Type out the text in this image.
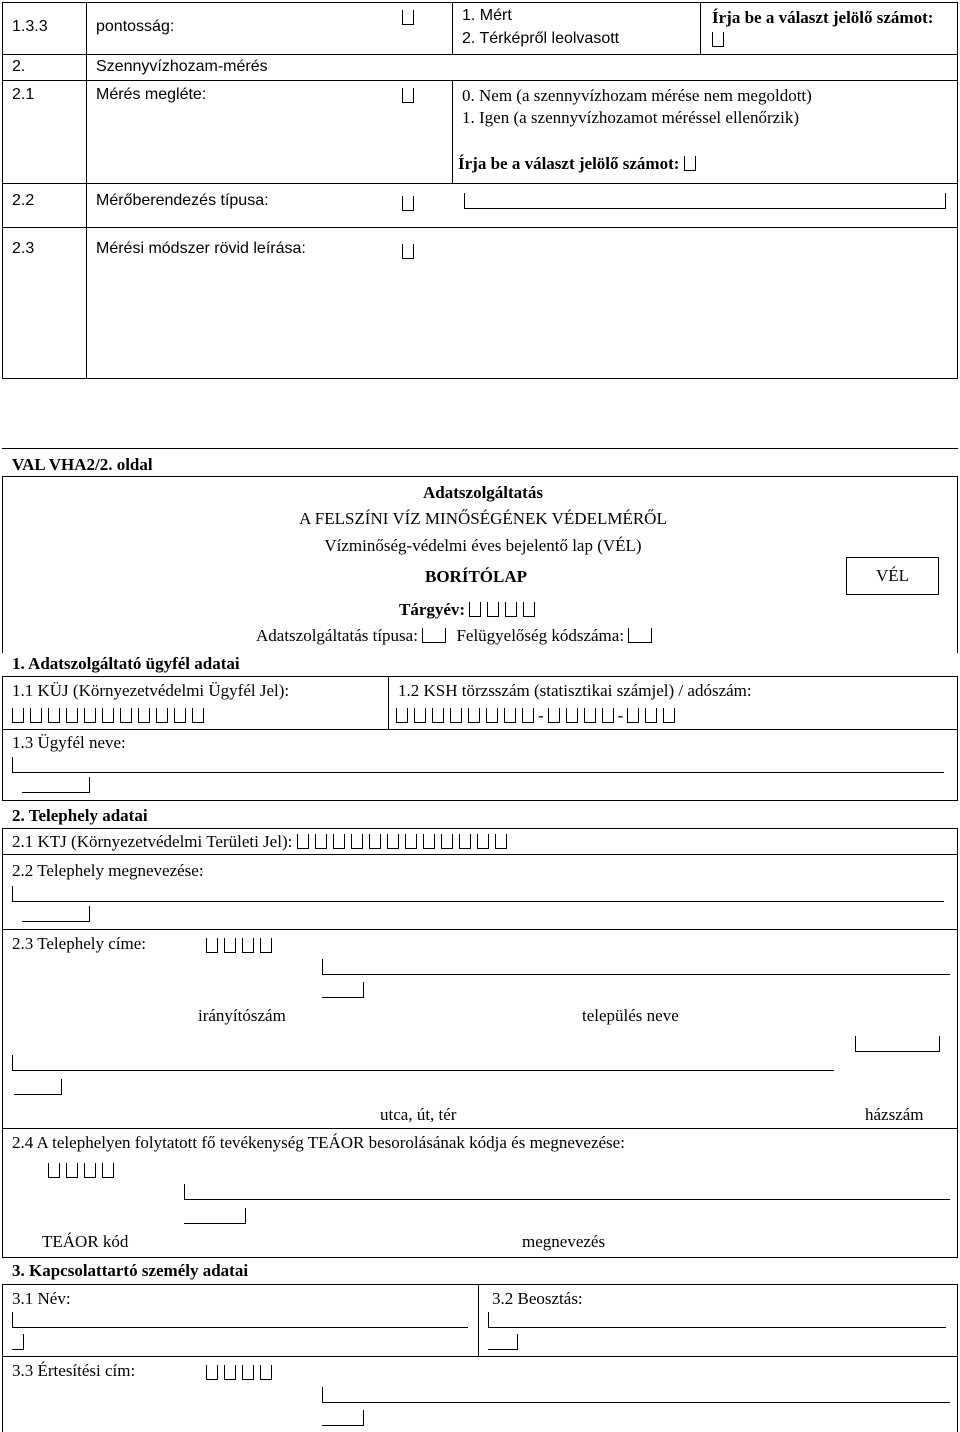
1.3.3	pontosság:
1. Mért
2. Térképről leolvasott
Írja be a választ jelölő számot:
2.	Szennyvízhozam-mérés
2.1	Mérés megléte:	0. Nem (a szennyvízhozam mérése nem megoldott)
1. Igen (a szennyvízhozamot méréssel ellenőrzik)
Írja be a választ jelölő számot:
2.2	Mérőberendezés típusa:
2.3	Mérési módszer rövid leírása:
VAL VHA2/2. oldal
Adatszolgáltatás
A FELSZÍNI VÍZ MINŐSÉGÉNEK VÉDELMÉRŐL
Vízminőség-védelmi éves bejelentő lap (VÉL)
BORÍTÓLAP	VÉL
Tárgyév:
Adatszolgáltatás típusa: Felügyelőség kódszáma:
1. Adatszolgáltató ügyfél adatai
1.1 KÜJ (Környezetvédelmi Ügyfél Jel):	1.2 KSH törzsszám (statisztikai számjel) / adószám:
-	-
1.3 Ügyfél neve:
2. Telephely adatai
2.1 KTJ (Környezetvédelmi Területi Jel):
2.2 Telephely megnevezése:
2.3 Telephely címe:
irányítószám	település neve
utca, út, tér	házszám
2.4 A telephelyen folytatott fő tevékenység TEÁOR besorolásának kódja és megnevezése:
TEÁOR kód	megnevezés
3. Kapcsolattartó személy adatai
3.1 Név:	3.2 Beosztás:
3.3 Értesítési cím:
